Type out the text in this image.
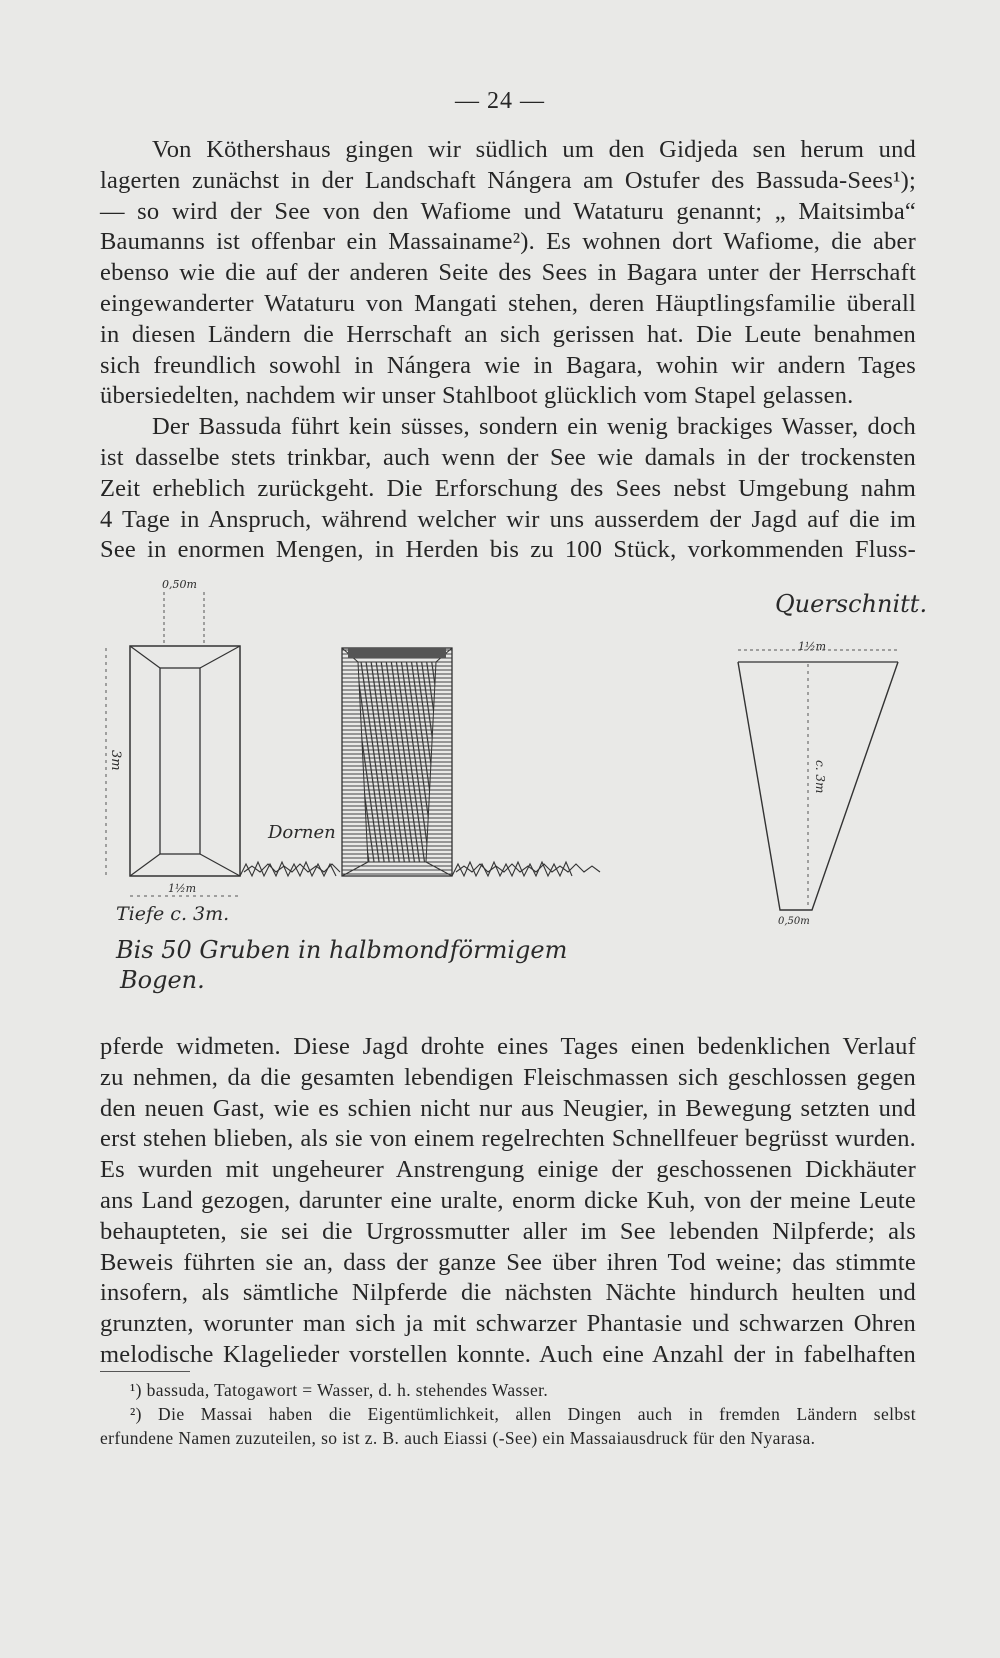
— 24 —
Von Köthershaus gingen wir südlich um den Gidjeda sen herum und
lagerten zunächst in der Landschaft Nángera am Ostufer des Bassuda-Sees¹);
— so wird der See von den Wafiome und Wataturu genannt; „ Maitsimba“
Baumanns ist offenbar ein Massainame²). Es wohnen dort Wafiome, die aber
ebenso wie die auf der anderen Seite des Sees in Bagara unter der Herrschaft
eingewanderter Wataturu von Mangati stehen, deren Häuptlingsfamilie überall
in diesen Ländern die Herrschaft an sich gerissen hat. Die Leute benahmen
sich freundlich sowohl in Nángera wie in Bagara, wohin wir andern Tages
übersiedelten, nachdem wir unser Stahlboot glücklich vom Stapel gelassen.
Der Bassuda führt kein süsses, sondern ein wenig brackiges Wasser, doch
ist dasselbe stets trinkbar, auch wenn der See wie damals in der trockensten
Zeit erheblich zurückgeht. Die Erforschung des Sees nebst Umgebung nahm
4 Tage in Anspruch, während welcher wir uns ausserdem der Jagd auf die im
See in enormen Mengen, in Herden bis zu 100 Stück, vorkommenden Fluss-
0,50m
3m
1½m
Tiefe c. 3m.
Dornen
Querschnitt.
1½m
c. 3m
0,50m
Bis 50 Gruben in halbmondförmigem
Bogen.
pferde widmeten. Diese Jagd drohte eines Tages einen bedenklichen Verlauf
zu nehmen, da die gesamten lebendigen Fleischmassen sich geschlossen gegen
den neuen Gast, wie es schien nicht nur aus Neugier, in Bewegung setzten und
erst stehen blieben, als sie von einem regelrechten Schnellfeuer begrüsst wurden.
Es wurden mit ungeheurer Anstrengung einige der geschossenen Dickhäuter
ans Land gezogen, darunter eine uralte, enorm dicke Kuh, von der meine Leute
behaupteten, sie sei die Urgrossmutter aller im See lebenden Nilpferde; als
Beweis führten sie an, dass der ganze See über ihren Tod weine; das stimmte
insofern, als sämtliche Nilpferde die nächsten Nächte hindurch heulten und
grunzten, worunter man sich ja mit schwarzer Phantasie und schwarzen Ohren
melodische Klagelieder vorstellen konnte. Auch eine Anzahl der in fabelhaften
¹) bassuda, Tatogawort = Wasser, d. h. stehendes Wasser.
²) Die Massai haben die Eigentümlichkeit, allen Dingen auch in fremden Ländern selbst
erfundene Namen zuzuteilen, so ist z. B. auch Eiassi (-See) ein Massaiausdruck für den Nyarasa.
